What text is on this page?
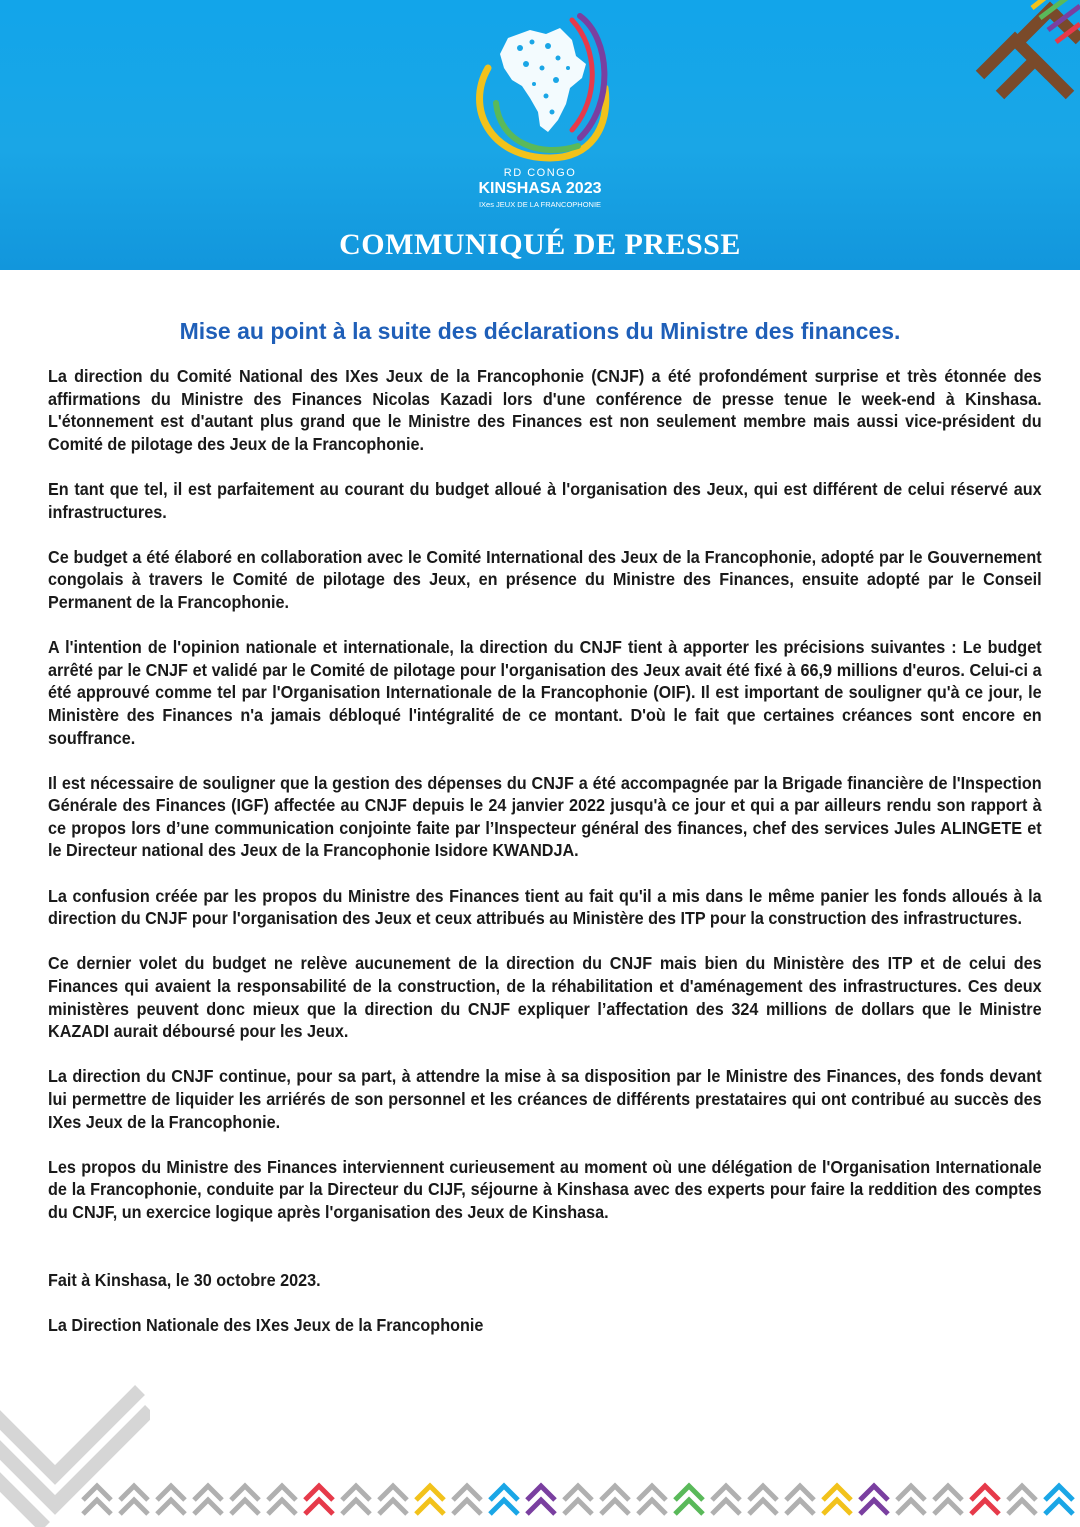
RD CONGO
KINSHASA 2023
IXes JEUX DE LA FRANCOPHONIE
COMMUNIQUÉ DE PRESSE
Mise au point à la suite des déclarations du Ministre des finances.

La direction du Comité National des IXes Jeux de la Francophonie (CNJF) a été profondément surprise et très étonnée des affirmations du Ministre des Finances Nicolas Kazadi lors d'une conférence de presse tenue le week-end à Kinshasa. L'étonnement est d'autant plus grand que le Ministre des Finances est non seulement membre mais aussi vice-président du Comité de pilotage des Jeux de la Francophonie.

En tant que tel, il est parfaitement au courant du budget alloué à l'organisation des Jeux, qui est différent de celui réservé aux infrastructures.

Ce budget a été élaboré en collaboration avec le Comité International des Jeux de la Francophonie, adopté par le Gouvernement congolais à travers le Comité de pilotage des Jeux, en présence du Ministre des Finances, ensuite adopté par le Conseil Permanent de la Francophonie.

A l'intention de l'opinion nationale et internationale, la direction du CNJF tient à apporter les précisions suivantes : Le budget arrêté par le CNJF et validé par le Comité de pilotage pour l'organisation des Jeux avait été fixé à 66,9 millions d'euros. Celui-ci a été approuvé comme tel par l'Organisation Internationale de la Francophonie (OIF). Il est important de souligner qu'à ce jour, le Ministère des Finances n'a jamais débloqué l'intégralité de ce montant. D'où le fait que certaines créances sont encore en souffrance.

Il est nécessaire de souligner que la gestion des dépenses du CNJF a été accompagnée par la Brigade financière de l'Inspection Générale des Finances (IGF) affectée au CNJF depuis le 24 janvier 2022 jusqu'à ce jour et qui a par ailleurs rendu son rapport à ce propos lors d’une communication conjointe faite par l’Inspecteur général des finances, chef des services Jules ALINGETE et le Directeur national des Jeux de la Francophonie Isidore KWANDJA.

La confusion créée par les propos du Ministre des Finances tient au fait qu'il a mis dans le même panier les fonds alloués à la direction du CNJF pour l'organisation des Jeux et ceux attribués au Ministère des ITP pour la construction des infrastructures.

Ce dernier volet du budget ne relève aucunement de la direction du CNJF mais bien du Ministère des ITP et de celui des Finances qui avaient la responsabilité de la construction, de la réhabilitation et d'aménagement des infrastructures. Ces deux ministères peuvent donc mieux que la direction du CNJF expliquer l’affectation des 324 millions de dollars que le Ministre KAZADI aurait déboursé pour les Jeux.

La direction du CNJF continue, pour sa part, à attendre la mise à sa disposition par le Ministre des Finances, des fonds devant lui permettre de liquider les arriérés de son personnel et les créances de différents prestataires qui ont contribué au succès des IXes Jeux de la Francophonie.

Les propos du Ministre des Finances interviennent curieusement au moment où une délégation de l'Organisation Internationale de la Francophonie, conduite par la Directeur du CIJF, séjourne à Kinshasa avec des experts pour faire la reddition des comptes du CNJF, un exercice logique après l'organisation des Jeux de Kinshasa.

Fait à Kinshasa, le 30 octobre 2023.

La Direction Nationale des IXes Jeux de la Francophonie
